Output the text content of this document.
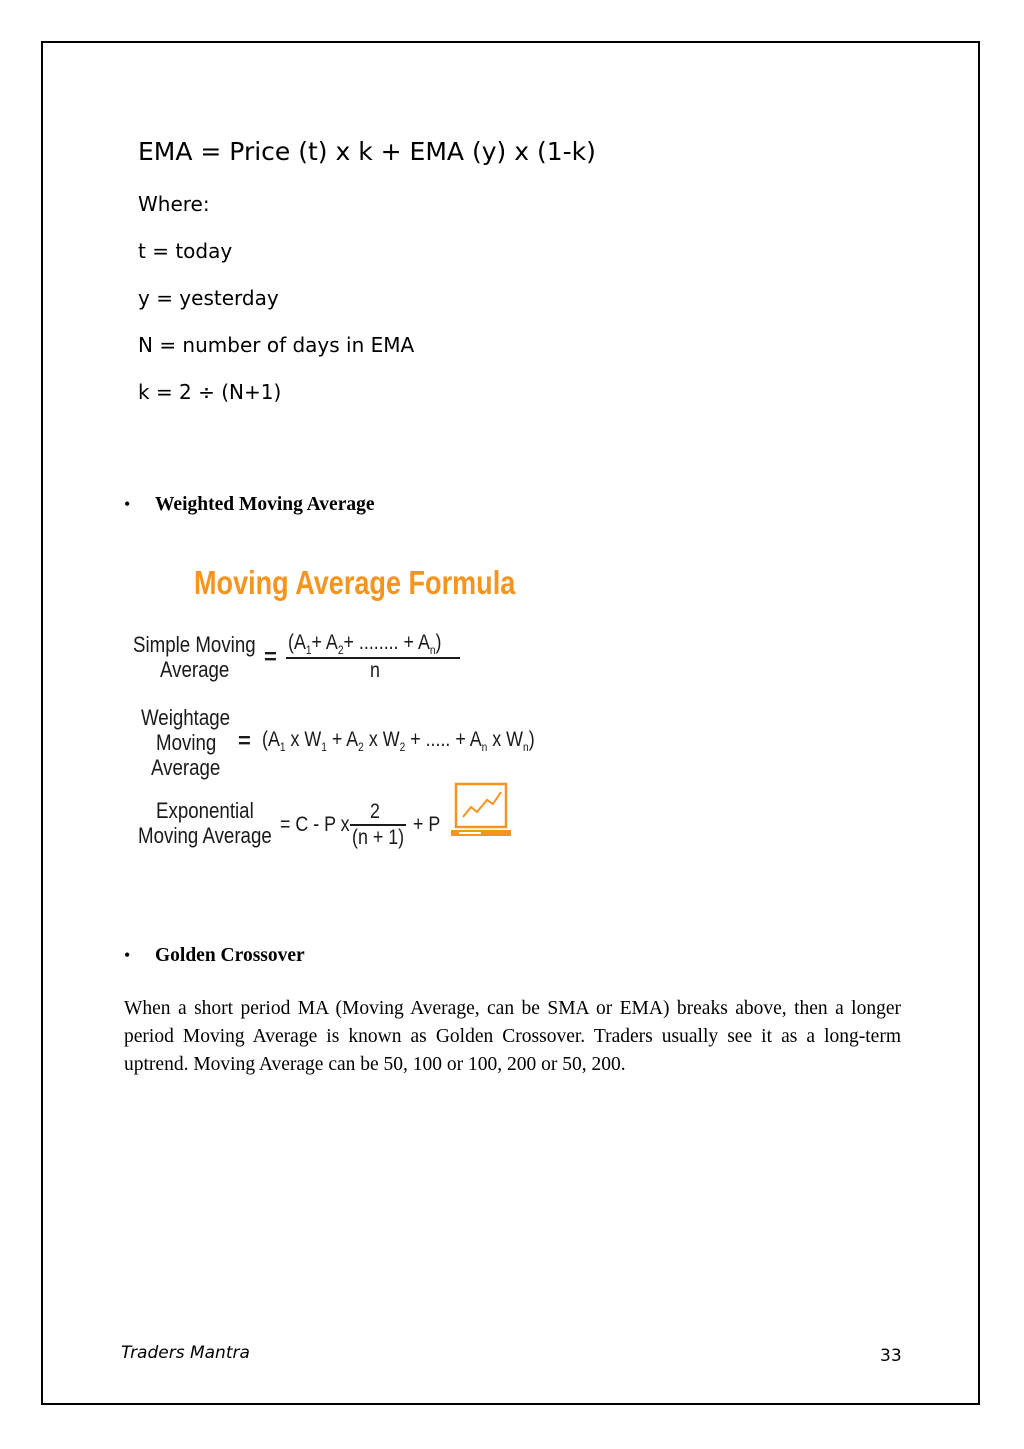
EMA = Price (t) x k + EMA (y) x (1-k)

Where:

t = today

y = yesterday

N = number of days in EMA

k = 2 ÷ (N+1)

• Weighted Moving Average
Moving Average Formula
Simple Moving
Average
=
($A_1+ A_2+$ ........ + $A_n$)
n
Weightage
Moving
Average
= ($A_1$ x $W_1 + A_2$ x $W_2$ + ..... + $A_n$ x $W_n$)
Exponential
Moving Average = C - P x
2
(n + 1)
+ P
• Golden Crossover

When a short period MA (Moving Average, can be SMA or EMA) breaks above, then a longer period Moving Average is known as Golden Crossover. Traders usually see it as a long-term uptrend. Moving Average can be 50, 100 or 100, 200 or 50, 200.

Traders Mantra	33
